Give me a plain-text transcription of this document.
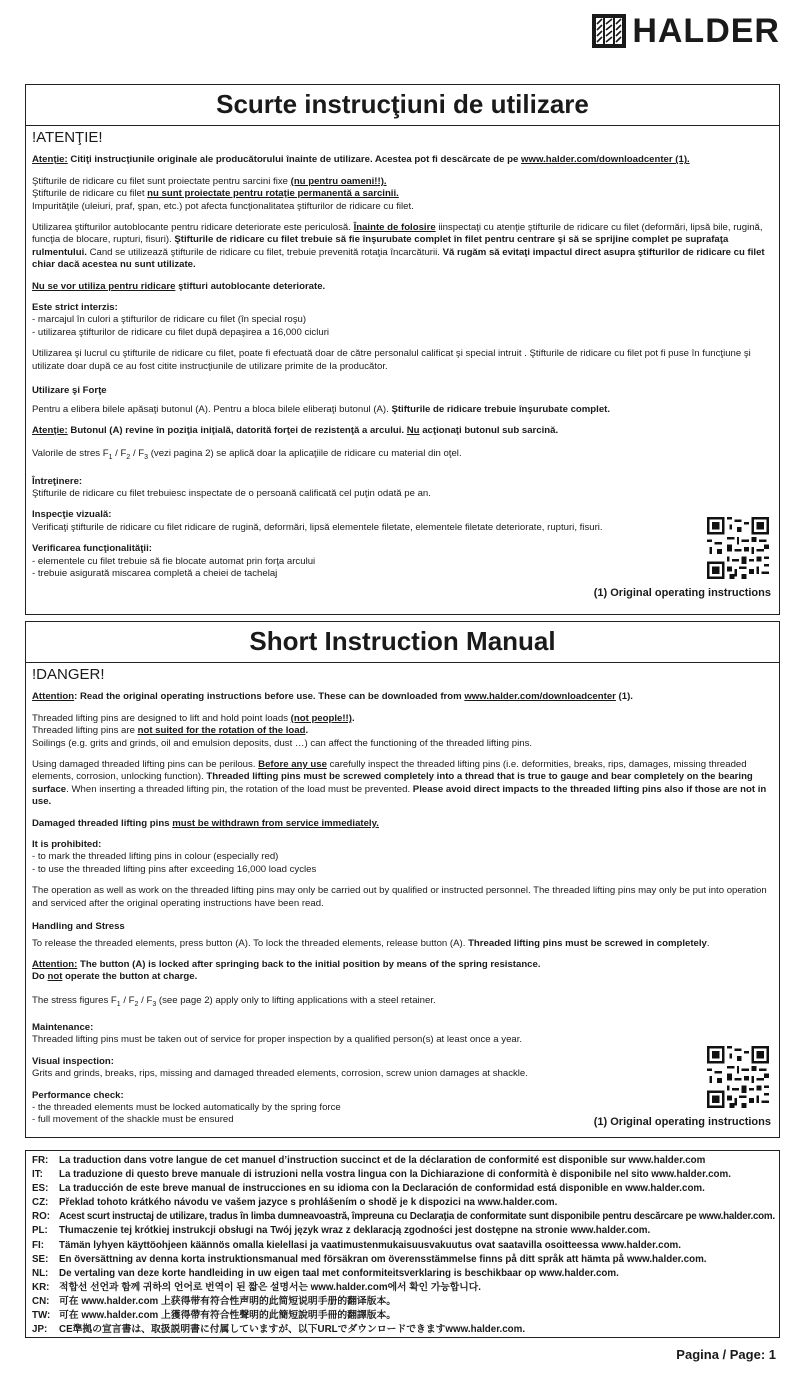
HALDER
Scurte instrucţiuni de utilizare
!ATENŢIE!

Atenţie: Citiţi instrucţiunile originale ale producătorului înainte de utilizare. Acestea pot fi descărcate de pe www.halder.com/downloadcenter (1).

Ştifturile de ridicare cu filet sunt proiectate pentru sarcini fixe (nu pentru oameni!!).
Ştifturile de ridicare cu filet nu sunt proiectate pentru rotaţie permanentă a sarcinii.
Impurităţile (uleiuri, praf, şpan, etc.) pot afecta funcţionalitatea ştifturilor de ridicare cu filet.

Utilizarea ştifturilor autoblocante pentru ridicare deteriorate este periculosă. Înainte de folosire iinspectaţi cu atenţie ştifturile de ridicare cu filet (deformări, lipsă bile, rugină, funcţia de blocare, rupturi, fisuri). Ştifturile de ridicare cu filet trebuie să fie înşurubate complet în filet pentru centrare şi să se sprijine complet pe suprafaţa rulmentului. Cand se utilizează ştifturile de ridicare cu filet, trebuie prevenită rotaţia încarcăturii. Vă rugăm să evitaţi impactul direct asupra ştifturilor de ridicare cu filet chiar dacă acestea nu sunt utilizate.

Nu se vor utiliza pentru ridicare ştifturi autoblocante deteriorate.

Este strict interzis:

- marcajul în culori a ştifturilor de ridicare cu filet (în special roşu)
- utilizarea ştifturilor de ridicare cu filet după depaşirea a 16,000 cicluri

Utilizarea şi lucrul cu ştifturile de ridicare cu filet, poate fi efectuată doar de către personalul calificat şi special intruit . Ştifturile de ridicare cu filet pot fi puse în funcţiune şi utilizate doar după ce au fost citite instrucţiunile de utilizare primite de la producător.

Utilizare şi Forţe

Pentru a elibera bilele apăsaţi butonul (A). Pentru a bloca bilele eliberaţi butonul (A). Ştifturile de ridicare trebuie înşurubate complet.

Atenţie: Butonul (A) revine în poziţia iniţială, datorită forţei de rezistenţă a arcului. Nu acţionaţi butonul sub sarcină.

Valorile de stres $F_1 / F_2 / F_3$ (vezi pagina 2) se aplică doar la aplicaţiile de ridicare cu material din oţel.

Întreţinere:

Ştifturile de ridicare cu filet trebuiesc inspectate de o persoană calificată cel puţin odată pe an.

Inspecţie vizuală:

Verificaţi ştifturile de ridicare cu filet ridicare de rugină, deformări, lipsă elementele filetate, elementele filetate deteriorate, rupturi, fisuri.

Verificarea funcţionalităţii:

- elementele cu filet trebuie să fie blocate automat prin forţa arcului
- trebuie asigurată miscarea completă a cheiei de tachelaj

(1) Original operating instructions
Short Instruction Manual
!DANGER!

Attention: Read the original operating instructions before use. These can be downloaded from www.halder.com/downloadcenter (1).

Threaded lifting pins are designed to lift and hold point loads (not people!!).
Threaded lifting pins are not suited for the rotation of the load.
Soilings (e.g. grits and grinds, oil and emulsion deposits, dust …) can affect the functioning of the threaded lifting pins.

Using damaged threaded lifting pins can be perilous. Before any use carefully inspect the threaded lifting pins (i.e. deformities, breaks, rips, damages, missing threaded elements, corrosion, unlocking function). Threaded lifting pins must be screwed completely into a thread that is true to gauge and bear completely on the bearing surface. When inserting a threaded lifting pin, the rotation of the load must be prevented. Please avoid direct impacts to the threaded lifting pins also if those are not in use.

Damaged threaded lifting pins must be withdrawn from service immediately.

It is prohibited:

- to mark the threaded lifting pins in colour (especially red)
- to use the threaded lifting pins after exceeding 16,000 load cycles

The operation as well as work on the threaded lifting pins may only be carried out by qualified or instructed personnel. The threaded lifting pins may only be put into operation and serviced after the original operating instructions have been read.

Handling and Stress

To release the threaded elements, press button (A). To lock the threaded elements, release button (A). Threaded lifting pins must be screwed in completely.

Attention: The button (A) is locked after springing back to the initial position by means of the spring resistance.
Do not operate the button at charge.

The stress figures $F_1 / F_2 / F_3$ (see page 2) apply only to lifting applications with a steel retainer.

Maintenance:

Threaded lifting pins must be taken out of service for proper inspection by a qualified person(s) at least once a year.

Visual inspection:

Grits and grinds, breaks, rips, missing and damaged threaded elements, corrosion, screw union damages at shackle.

Performance check:

- the threaded elements must be locked automatically by the spring force
- full movement of the shackle must be ensured	(1) Original operating instructions
FR:	La traduction dans votre langue de cet manuel d’instruction succinct et de la déclaration de conformité est disponible sur www.halder.com
IT:	La traduzione di questo breve manuale di istruzioni nella vostra lingua con la Dichiarazione di conformità è disponibile nel sito www.halder.com.
ES:	La traducción de este breve manual de instrucciones en su idioma con la Declaración de conformidad está disponible en www.halder.com.
CZ:	Překlad tohoto krátkého návodu ve vašem jazyce s prohlášením o shodě je k dispozici na www.halder.com.
RO: Acest scurt instructaj de utilizare, tradus în limba dumneavoastră, împreuna cu Declaraţia de conformitate sunt disponibile pentru descărcare pe www.halder.com.
PL:	Tłumaczenie tej krótkiej instrukcji obsługi na Twój język wraz z deklaracją zgodności jest dostępne na stronie www.halder.com.
FI:	Tämän lyhyen käyttöohjeen käännös omalla kielellasi ja vaatimustenmukaisuusvakuutus ovat saatavilla osoitteessa www.halder.com.
SE:	En översättning av denna korta instruktionsmanual med försäkran om överensstämmelse finns på ditt språk att hämta på www.halder.com.
NL:	De vertaling van deze korte handleiding in uw eigen taal met conformiteitsverklaring is beschikbaar op www.halder.com.
KR: 적합선 선언과 함께 귀하의 언어로 번역이 된 짧은 설명서는 www.halder.com에서 확인 가능합니다.
CN: 可在 www.halder.com 上获得带有符合性声明的此简短说明手册的翻译版本。
TW: 可在 www.halder.com 上獲得帶有符合性聲明的此簡短說明手冊的翻譯版本。
JP:	CE準拠の宣言書は、取扱説明書に付属していますが、以下URLでダウンロードできますwww.halder.com.
Pagina / Page: 1
